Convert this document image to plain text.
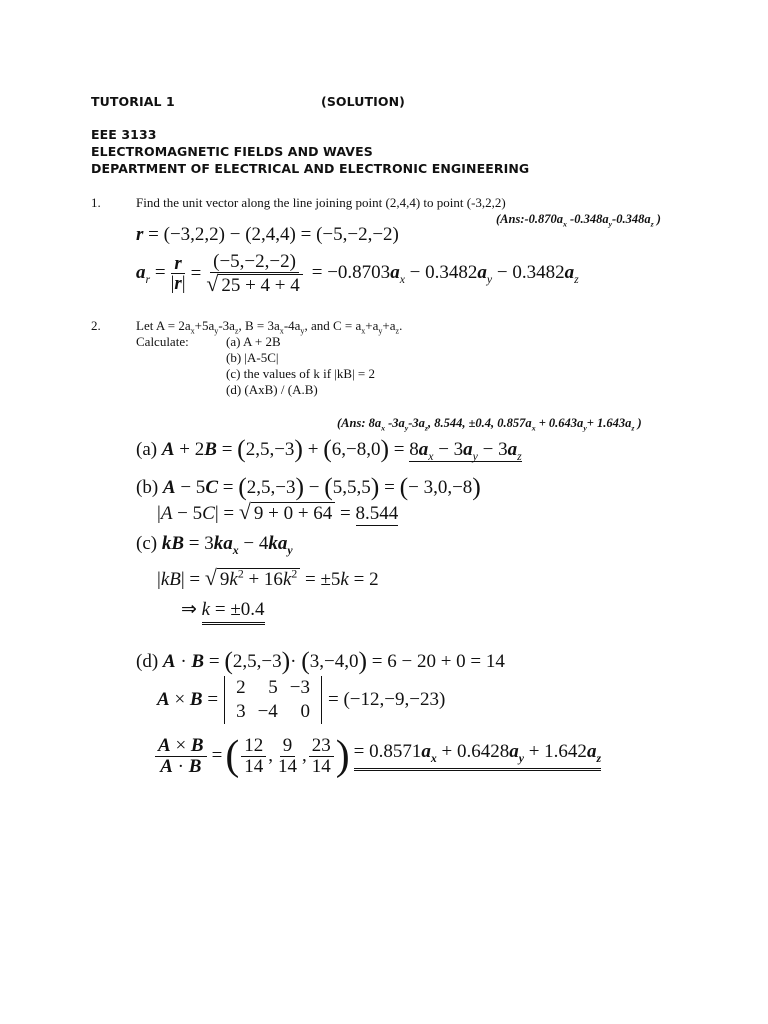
TUTORIAL 1	(SOLUTION)
EEE 3133
ELECTROMAGNETIC FIELDS AND WAVES
DEPARTMENT OF ELECTRICAL AND ELECTRONIC ENGINEERING
1.	Find the unit vector along the line joining point (2,4,4) to point (-3,2,2)
($Ans:-0.870a_x$ $-0.348a_y-0.348a_z$ )
r = (−3,2,2) − (2,4,4) = (−5,−2,−2)
$a_r = \frac{r}{|r|} = \frac{(-5,-2,-2)}{√ 25 + 4 + 4} = -0.8703a_x - 0.3482a_y - 0.3482a_z$
2.	Let $A = 2a_x+5a_y-3a_z$, $B = 3a_x-4a_y$, and $C = a_x+a_y+a_z$.
Calculate:	(a) A + 2B
(b) |A-5C|
(c) the values of k if |kB| = 2
(d) (AxB) / (A.B)
(Ans: $8a_x$ $-3a_y-3a_z$, 8.544, ±0.4, $0.857a_x + 0.643a_y+ 1.643a_z$ )
(a) $A + 2B = (2,5,-3) + (6,-8,0) = 8a_x - 3a_y - 3a_z$
(b) A − 5C = (2,5,−3) − (5,5,5) = (− 3,0,−8)
|A − 5C| = √ 9 + 0 + 64 = 8.544
(c) kB = $3ka_x - 4ka_y$
|kB| = √ $9k^2 + 16k^2 = \pm 5k = 2$
⇒ k = ±0.4
(d) A · B = (2,5,−3)· (3,−4,0) = 6 − 20 + 0 = 14
A × B =
2	5	−3
3	−4	0
= (−12,−9,−23)
$\frac{A \times B}{A \cdot B}$ = ( $\frac{12}{14}$ , $\frac{9}{14}$ , $\frac{23}{14}$ ) = $0.8571a_x + 0.6428a_y + 1.642a_z$
